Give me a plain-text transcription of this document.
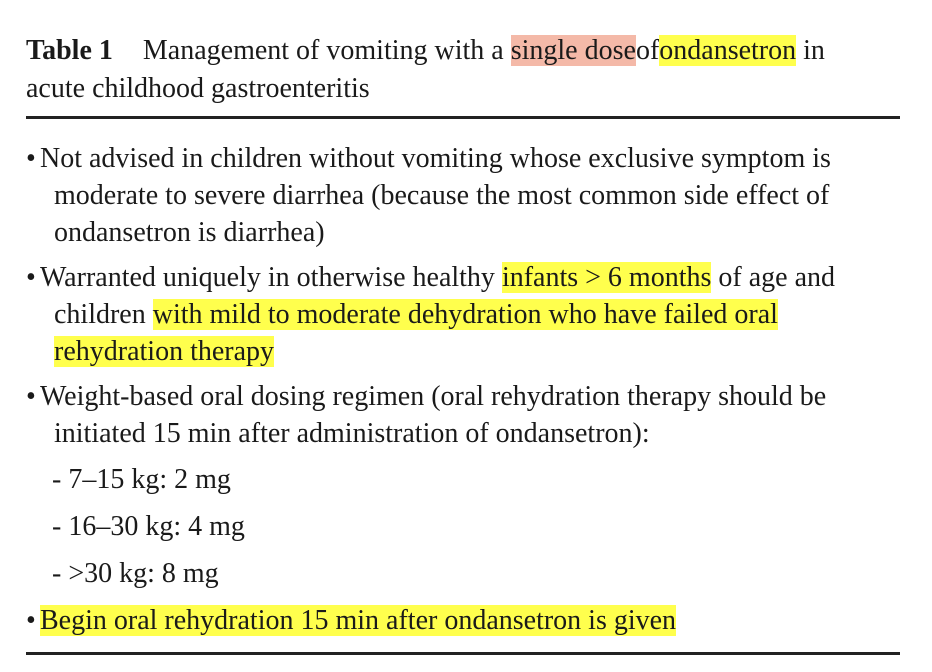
Table 1 Management of vomiting with a single doseofondansetron in
acute childhood gastroenteritis
• Not advised in children without vomiting whose exclusive symptom is
moderate to severe diarrhea (because the most common side effect of
ondansetron is diarrhea)
• Warranted uniquely in otherwise healthy infants > 6 months of age and
children with mild to moderate dehydration who have failed oral
rehydration therapy
• Weight-based oral dosing regimen (oral rehydration therapy should be
initiated 15 min after administration of ondansetron):
- 7–15 kg: 2 mg
- 16–30 kg: 4 mg
- >30 kg: 8 mg
• Begin oral rehydration 15 min after ondansetron is given
